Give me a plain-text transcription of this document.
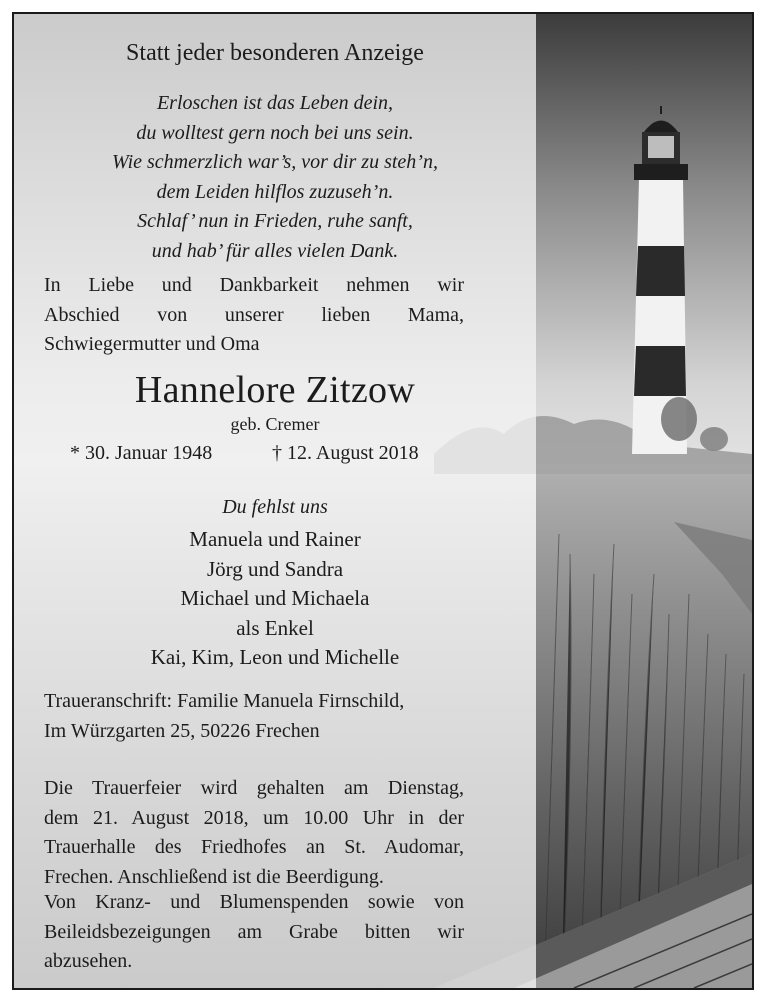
Statt jeder besonderen Anzeige

Erloschen ist das Leben dein,
du wolltest gern noch bei uns sein.
Wie schmerzlich war’s, vor dir zu steh’n,
dem Leiden hilflos zuzuseh’n.
Schlaf’ nun in Frieden, ruhe sanft,
und hab’ für alles vielen Dank.
In Liebe und Dankbarkeit nehmen wir
Abschied von unserer lieben Mama,
Schwiegermutter und Oma

Hannelore Zitzow

geb. Cremer

* 30. Januar 1948	† 12. August 2018

Du fehlst uns

Manuela und Rainer
Jörg und Sandra
Michael und Michaela
als Enkel
Kai, Kim, Leon und Michelle
Traueranschrift: Familie Manuela Firnschild,
Im Würzgarten 25, 50226 Frechen
Die Trauerfeier wird gehalten am Dienstag,
dem 21. August 2018, um 10.00 Uhr in der
Trauerhalle des Friedhofes an St. Audomar,
Frechen. Anschließend ist die Beerdigung.
Von Kranz- und Blumenspenden sowie von
Beileidsbezeigungen am Grabe bitten wir
abzusehen.
